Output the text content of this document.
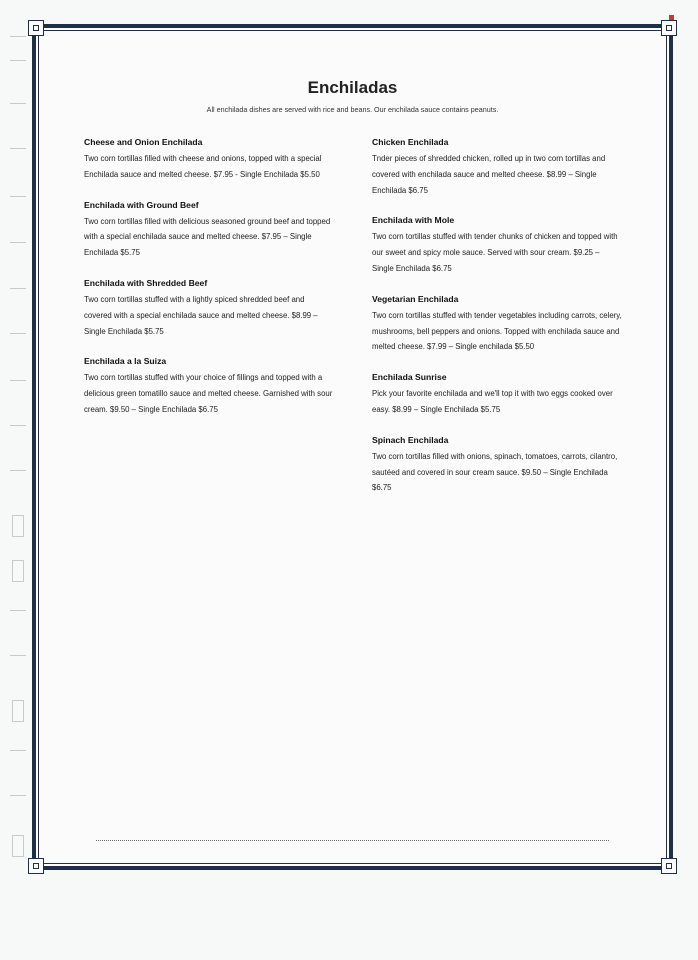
Enchiladas
All enchilada dishes are served with rice and beans. Our enchilada sauce contains peanuts.
Cheese and Onion Enchilada
Two corn tortillas filled with cheese and onions, topped with a special Enchilada sauce and melted cheese. $7.95 - Single Enchilada $5.50
Enchilada with Ground Beef
Two corn tortillas filled with delicious seasoned ground beef and topped with a special enchilada sauce and melted cheese. $7.95 – Single Enchilada $5.75
Enchilada with Shredded Beef
Two corn tortillas stuffed with a lightly spiced shredded beef and covered with a special enchilada sauce and melted cheese. $8.99 – Single Enchilada $5.75
Enchilada a la Suiza
Two corn tortillas stuffed with your choice of fillings and topped with a delicious green tomatillo sauce and melted cheese. Garnished with sour cream. $9.50 – Single Enchilada $6.75
Chicken Enchilada
Tnder pieces of shredded chicken, rolled up in two corn tortillas and covered with enchilada sauce and melted cheese. $8.99 – Single Enchilada $6.75
Enchilada with Mole
Two corn tortillas stuffed with tender chunks of chicken and topped with our sweet and spicy mole sauce. Served with sour cream. $9.25 – Single Enchilada $6.75
Vegetarian Enchilada
Two corn tortillas stuffed with tender vegetables including carrots, celery, mushrooms, bell peppers and onions. Topped with enchilada sauce and melted cheese. $7.99 – Single enchilada $5.50
Enchilada Sunrise
Pick your favorite enchilada and we'll top it with two eggs cooked over easy. $8.99 – Single Enchilada $5.75
Spinach Enchilada
Two corn tortillas filled with onions, spinach, tomatoes, carrots, cilantro, sautéed and covered in sour cream sauce. $9.50 – Single Enchilada $6.75
